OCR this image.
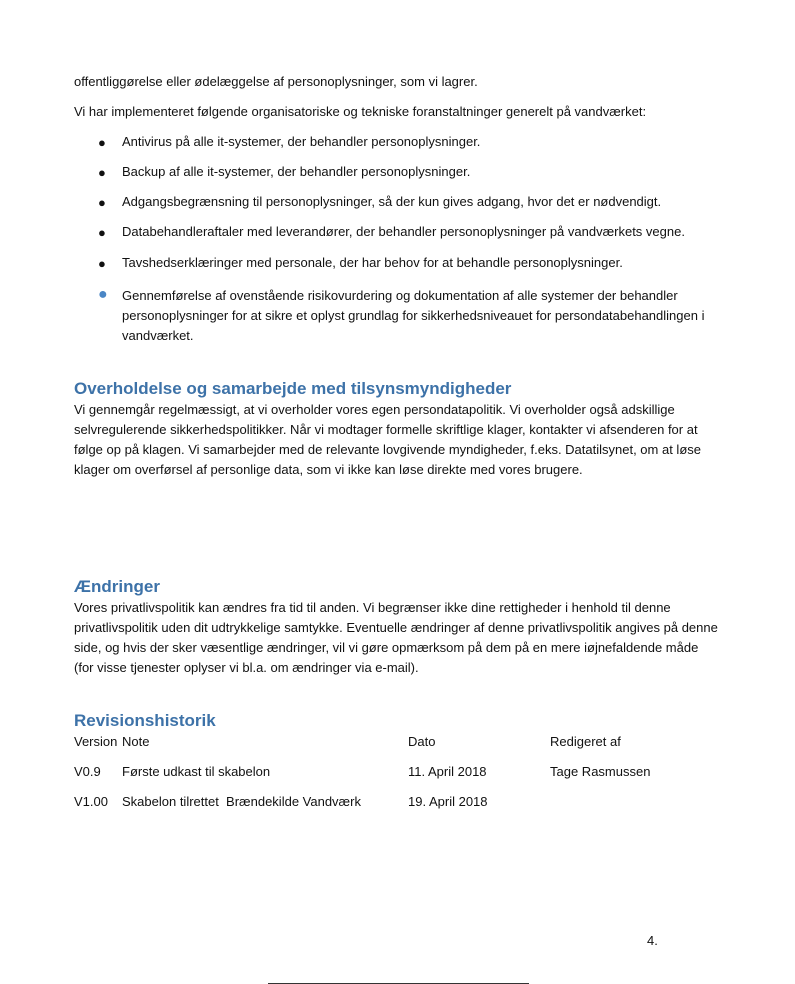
offentliggørelse eller ødelæggelse af personoplysninger, som vi lagrer.
Vi har implementeret følgende organisatoriske og tekniske foranstaltninger generelt på vandværket:
● Antivirus på alle it-systemer, der behandler personoplysninger.
● Backup af alle it-systemer, der behandler personoplysninger.
● Adgangsbegrænsning til personoplysninger, så der kun gives adgang, hvor det er nødvendigt.
● Databehandleraftaler med leverandører, der behandler personoplysninger på vandværkets vegne.
● Tavshedserklæringer med personale, der har behov for at behandle personoplysninger.
● Gennemførelse af ovenstående risikovurdering og dokumentation af alle systemer der behandler personoplysninger for at sikre et oplyst grundlag for sikkerhedsniveauet for persondatabehandlingen i vandværket.
Overholdelse og samarbejde med tilsynsmyndigheder
Vi gennemgår regelmæssigt, at vi overholder vores egen persondatapolitik. Vi overholder også adskillige selvregulerende sikkerhedspolitikker. Når vi modtager formelle skriftlige klager, kontakter vi afsenderen for at følge op på klagen. Vi samarbejder med de relevante lovgivende myndigheder, f.eks. Datatilsynet, om at løse klager om overførsel af personlige data, som vi ikke kan løse direkte med vores brugere.
Ændringer
Vores privatlivspolitik kan ændres fra tid til anden. Vi begrænser ikke dine rettigheder i henhold til denne privatlivspolitik uden dit udtrykkelige samtykke. Eventuelle ændringer af denne privatlivspolitik angives på denne side, og hvis der sker væsentlige ændringer, vil vi gøre opmærksom på dem på en mere iøjnefaldende måde (for visse tjenester oplyser vi bl.a. om ændringer via e-mail).
Revisionshistorik
Version Note	Dato	Redigeret af
V0.9 Første udkast til skabelon	11. April 2018	Tage Rasmussen
V1.00 Skabelon tilrettet  Brændekilde Vandværk	19. April 2018
4.
